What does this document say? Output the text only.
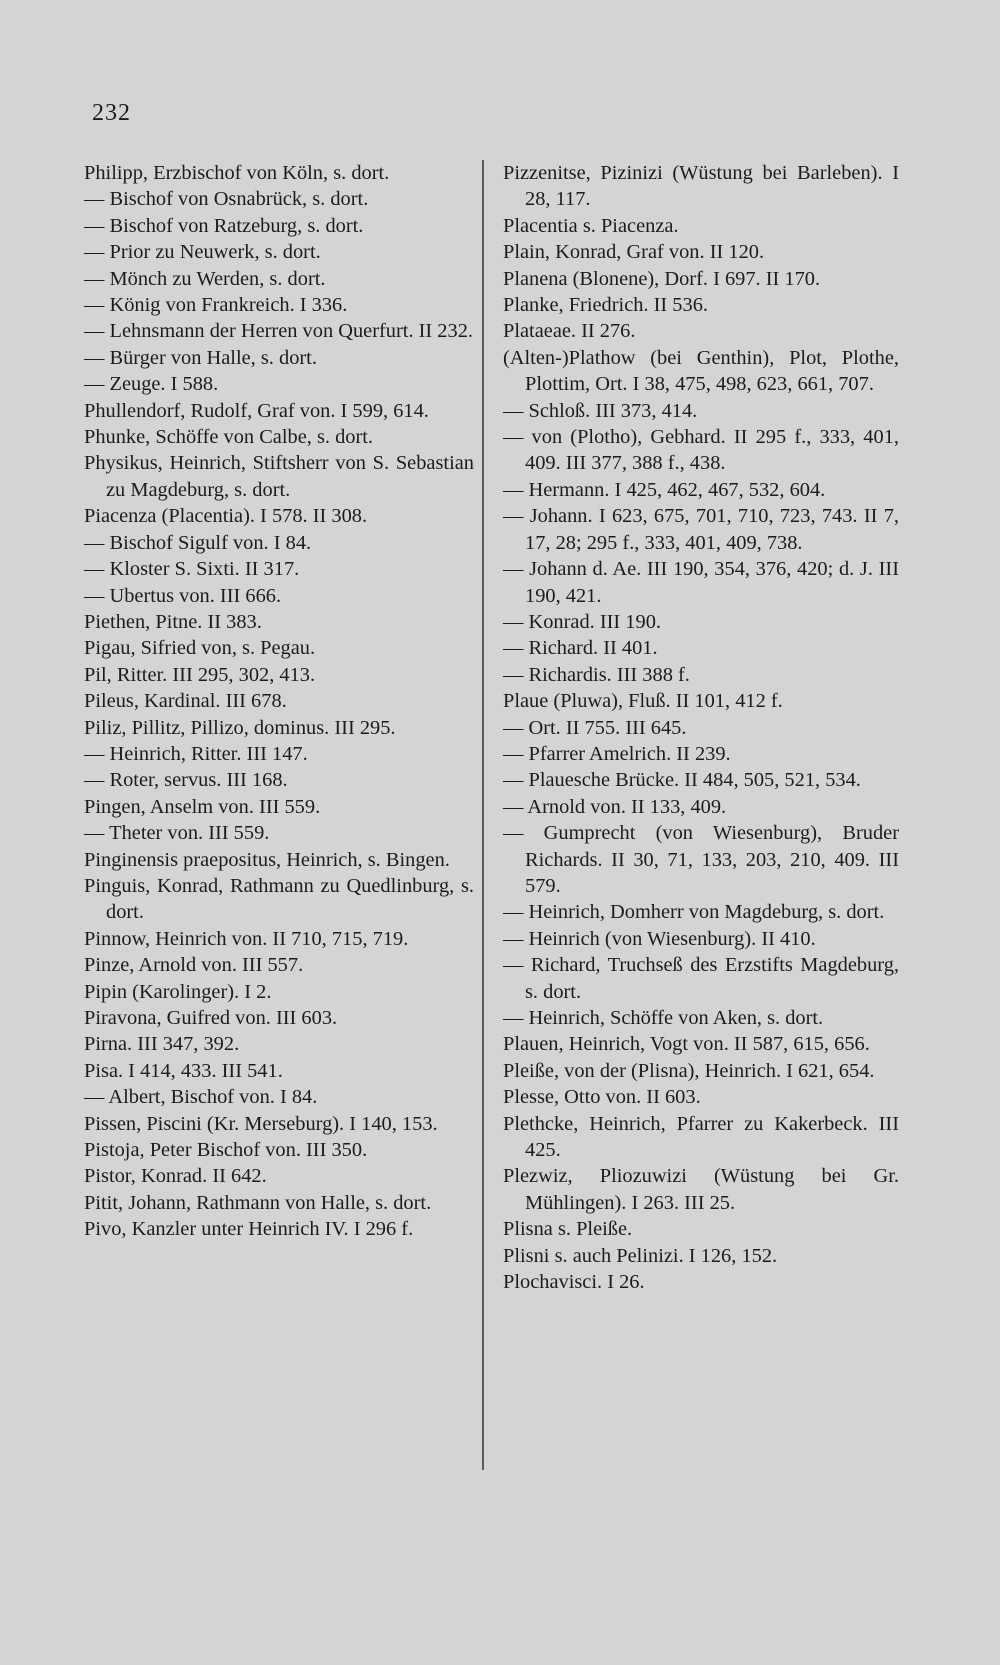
232

Philipp, Erzbischof von Köln, s. dort.

— Bischof von Osnabrück, s. dort.

— Bischof von Ratzeburg, s. dort.

— Prior zu Neuwerk, s. dort.

— Mönch zu Werden, s. dort.

— König von Frankreich. I 336.

— Lehnsmann der Herren von Querfurt. II 232.

— Bürger von Halle, s. dort.

— Zeuge. I 588.

Phullendorf, Rudolf, Graf von. I 599, 614.

Phunke, Schöffe von Calbe, s. dort.

Physikus, Heinrich, Stiftsherr von S. Sebastian zu Magdeburg, s. dort.

Piacenza (Placentia). I 578. II 308.

— Bischof Sigulf von. I 84.

— Kloster S. Sixti. II 317.

— Ubertus von. III 666.

Piethen, Pitne. II 383.

Pigau, Sifried von, s. Pegau.

Pil, Ritter. III 295, 302, 413.

Pileus, Kardinal. III 678.

Piliz, Pillitz, Pillizo, dominus. III 295.

— Heinrich, Ritter. III 147.

— Roter, servus. III 168.

Pingen, Anselm von. III 559.

— Theter von. III 559.

Pinginensis praepositus, Heinrich, s. Bingen.

Pinguis, Konrad, Rathmann zu Quedlinburg, s. dort.

Pinnow, Heinrich von. II 710, 715, 719.

Pinze, Arnold von. III 557.

Pipin (Karolinger). I 2.

Piravona, Guifred von. III 603.

Pirna. III 347, 392.

Pisa. I 414, 433. III 541.

— Albert, Bischof von. I 84.

Pissen, Piscini (Kr. Merseburg). I 140, 153.

Pistoja, Peter Bischof von. III 350.

Pistor, Konrad. II 642.

Pitit, Johann, Rathmann von Halle, s. dort.

Pivo, Kanzler unter Heinrich IV. I 296 f.

Pizzenitse, Pizinizi (Wüstung bei Barleben). I 28, 117.

Placentia s. Piacenza.

Plain, Konrad, Graf von. II 120.

Planena (Blonene), Dorf. I 697. II 170.

Planke, Friedrich. II 536.

Plataeae. II 276.

(Alten-)Plathow (bei Genthin), Plot, Plothe, Plottim, Ort. I 38, 475, 498, 623, 661, 707.

— Schloß. III 373, 414.

— von (Plotho), Gebhard. II 295 f., 333, 401, 409. III 377, 388 f., 438.

— Hermann. I 425, 462, 467, 532, 604.

— Johann. I 623, 675, 701, 710, 723, 743. II 7, 17, 28; 295 f., 333, 401, 409, 738.

— Johann d. Ae. III 190, 354, 376, 420; d. J. III 190, 421.

— Konrad. III 190.

— Richard. II 401.

— Richardis. III 388 f.

Plaue (Pluwa), Fluß. II 101, 412 f.

— Ort. II 755. III 645.

— Pfarrer Amelrich. II 239.

— Plauesche Brücke. II 484, 505, 521, 534.

— Arnold von. II 133, 409.

— Gumprecht (von Wiesenburg), Bruder Richards. II 30, 71, 133, 203, 210, 409. III 579.

— Heinrich, Domherr von Magdeburg, s. dort.

— Heinrich (von Wiesenburg). II 410.

— Richard, Truchseß des Erzstifts Magdeburg, s. dort.

— Heinrich, Schöffe von Aken, s. dort.

Plauen, Heinrich, Vogt von. II 587, 615, 656.

Pleiße, von der (Plisna), Heinrich. I 621, 654.

Plesse, Otto von. II 603.

Plethcke, Heinrich, Pfarrer zu Kakerbeck. III 425.

Plezwiz, Pliozuwizi (Wüstung bei Gr. Mühlingen). I 263. III 25.

Plisna s. Pleiße.

Plisni s. auch Pelinizi. I 126, 152.

Plochavisci. I 26.
